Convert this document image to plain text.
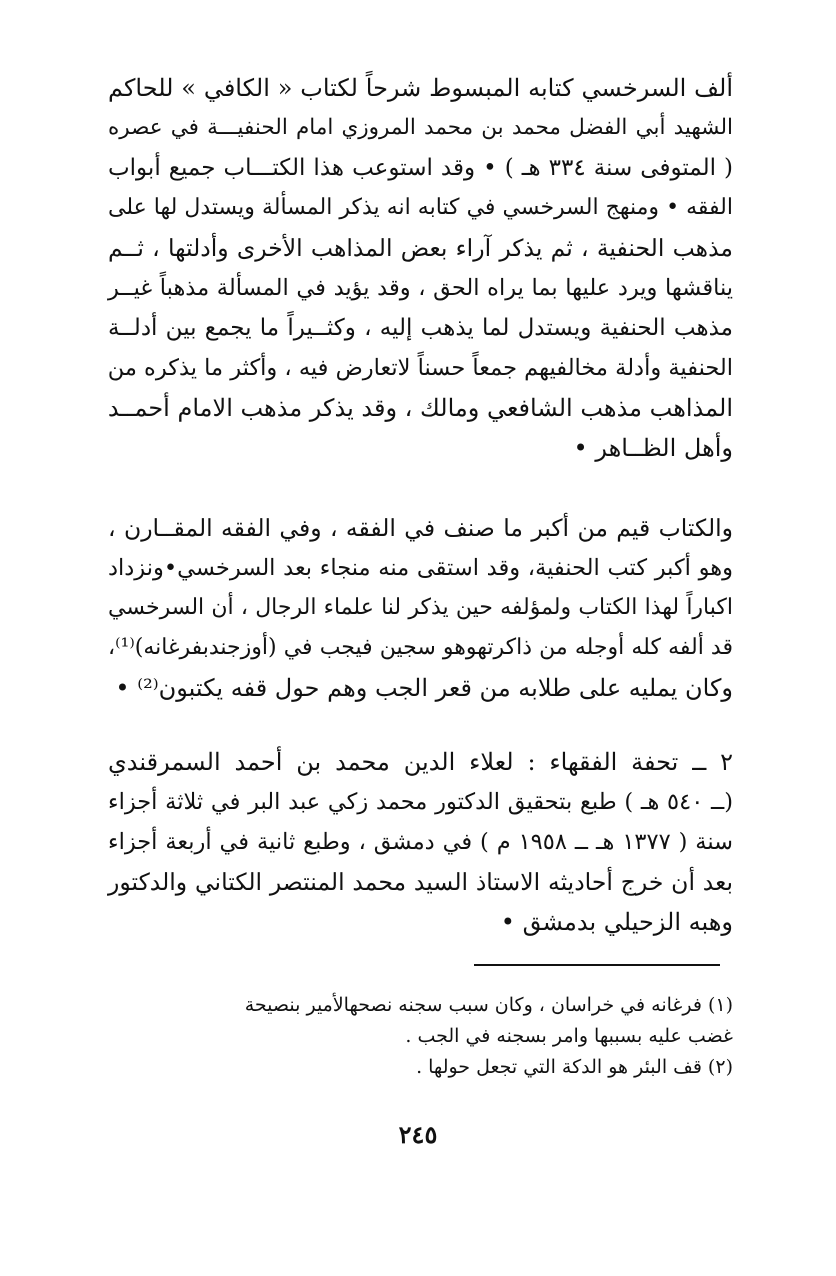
ألف السرخسي كتابه المبسوط شرحاً لكتاب « الكافي » للحاكم
الشهيد أبي الفضل محمد بن محمد المروزي امام الحنفيـــة في عصره
( المتوفى سنة ٣٣٤ هـ ) • وقد استوعب هذا الكتـــاب جميع أبواب
الفقه • ومنهج السرخسي في كتابه انه يذكر المسألة ويستدل لها على
مذهب الحنفية ، ثم يذكر آراء بعض المذاهب الأخرى وأدلتها ، ثــم
يناقشها ويرد عليها بما يراه الحق ، وقد يؤيد في المسألة مذهباً غيــر
مذهب الحنفية ويستدل لما يذهب إليه ، وكثــيراً ما يجمع بين أدلــة
الحنفية وأدلة مخالفيهم جمعاً حسناً لاتعارض فيه ، وأكثر ما يذكره من
المذاهب مذهب الشافعي ومالك ، وقد يذكر مذهب الامام أحمــد
وأهل الظــاهر •
والكتاب قيم من أكبر ما صنف في الفقه ، وفي الفقه المقــارن ،
وهو أكبر كتب الحنفية، وقد استقى منه منجاء بعد السرخسي•ونزداد
اكباراً لهذا الكتاب ولمؤلفه حين يذكر لنا علماء الرجال ، أن السرخسي
قد ألفه كله أوجله من ذاكرتهوهو سجين فيجب في (أوزجندبفرغانه)⁽¹⁾،
وكان يمليه على طلابه من قعر الجب وهم حول قفه يكتبون⁽²⁾ •
٢ ــ تحفة الفقهاء : لعلاء الدين محمد بن أحمد السمرقندي
(ــ ٥٤٠ هـ ) طبع بتحقيق الدكتور محمد زكي عبد البر في ثلاثة أجزاء
سنة ( ١٣٧٧ هـ ــ ١٩٥٨ م ) في دمشق ، وطبع ثانية في أربعة أجزاء
بعد أن خرج أحاديثه الاستاذ السيد محمد المنتصر الكتاني والدكتور
وهبه الزحيلي بدمشق •
(١) فرغانه في خراسان ، وكان سبب سجنه نصحهالأمير بنصيحة
غضب عليه بسببها وامر بسجنه في الجب .
(٢) قف البئر هو الدكة التي تجعل حولها .
٢٤٥
